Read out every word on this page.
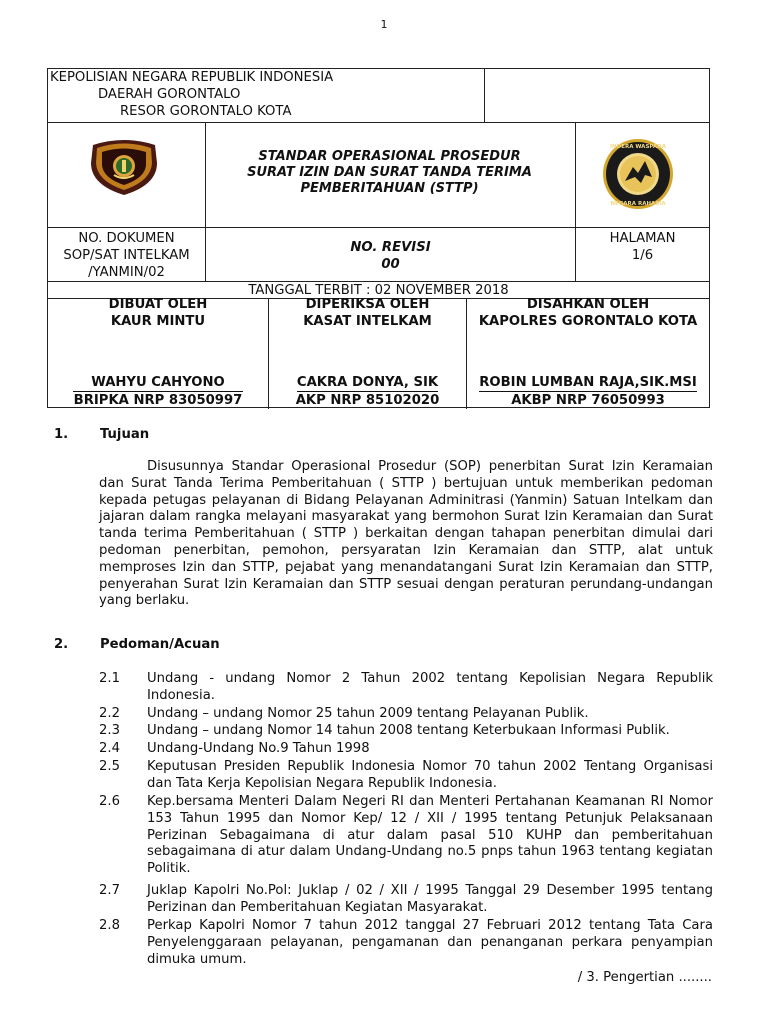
1
KEPOLISIAN NEGARA REPUBLIK INDONESIA
DAERAH GORONTALO
RESOR GORONTALO KOTA
STANDAR OPERASIONAL PROSEDUR
SURAT IZIN DAN SURAT TANDA TERIMA
PEMBERITAHUAN (STTP)
INDERA WASPADA
NEGARA RAHASIA
NO. DOKUMEN
SOP/SAT INTELKAM
/YANMIN/02
NO. REVISI
00
HALAMAN
1/6
TANGGAL TERBIT : 02 NOVEMBER 2018
DIBUAT OLEH
KAUR MINTU
WAHYU CAHYONO
BRIPKA NRP 83050997
DIPERIKSA OLEH
KASAT INTELKAM
CAKRA DONYA, SIK
AKP NRP 85102020
DISAHKAN OLEH
KAPOLRES GORONTALO KOTA
ROBIN LUMBAN RAJA,SIK.MSI
AKBP NRP 76050993
1. Tujuan
Disusunnya Standar Operasional Prosedur (SOP) penerbitan Surat Izin Keramaian dan Surat Tanda Terima Pemberitahuan ( STTP ) bertujuan untuk memberikan pedoman kepada petugas pelayanan di Bidang Pelayanan Adminitrasi (Yanmin) Satuan Intelkam dan jajaran dalam rangka melayani masyarakat yang bermohon Surat Izin Keramaian dan Surat tanda terima Pemberitahuan ( STTP ) berkaitan dengan tahapan penerbitan dimulai dari pedoman penerbitan, pemohon, persyaratan Izin Keramaian dan STTP, alat untuk memproses Izin dan STTP, pejabat yang menandatangani Surat Izin Keramaian dan STTP, penyerahan Surat Izin Keramaian dan STTP sesuai dengan peraturan perundang-undangan yang berlaku.
2. Pedoman/Acuan
2.1 Undang - undang Nomor 2 Tahun 2002 tentang Kepolisian Negara Republik Indonesia.
2.2 Undang – undang Nomor 25 tahun 2009 tentang Pelayanan Publik.
2.3 Undang – undang Nomor 14 tahun 2008 tentang Keterbukaan Informasi Publik.
2.4 Undang-Undang No.9 Tahun 1998
2.5 Keputusan Presiden Republik Indonesia Nomor 70 tahun 2002 Tentang Organisasi dan Tata Kerja Kepolisian Negara Republik Indonesia.
2.6 Kep.bersama Menteri Dalam Negeri RI dan Menteri Pertahanan Keamanan RI Nomor 153 Tahun 1995 dan Nomor Kep/ 12 / XII / 1995 tentang Petunjuk Pelaksanaan Perizinan Sebagaimana di atur dalam pasal 510 KUHP dan pemberitahuan sebagaimana di atur dalam Undang-Undang no.5 pnps tahun 1963 tentang kegiatan Politik.
2.7 Juklap Kapolri No.Pol: Juklap / 02 / XII / 1995 Tanggal 29 Desember 1995 tentang Perizinan dan Pemberitahuan Kegiatan Masyarakat.
2.8 Perkap Kapolri Nomor 7 tahun 2012 tanggal 27 Februari 2012 tentang Tata Cara Penyelenggaraan pelayanan, pengamanan dan penanganan perkara penyampian dimuka umum.
/ 3. Pengertian ........
